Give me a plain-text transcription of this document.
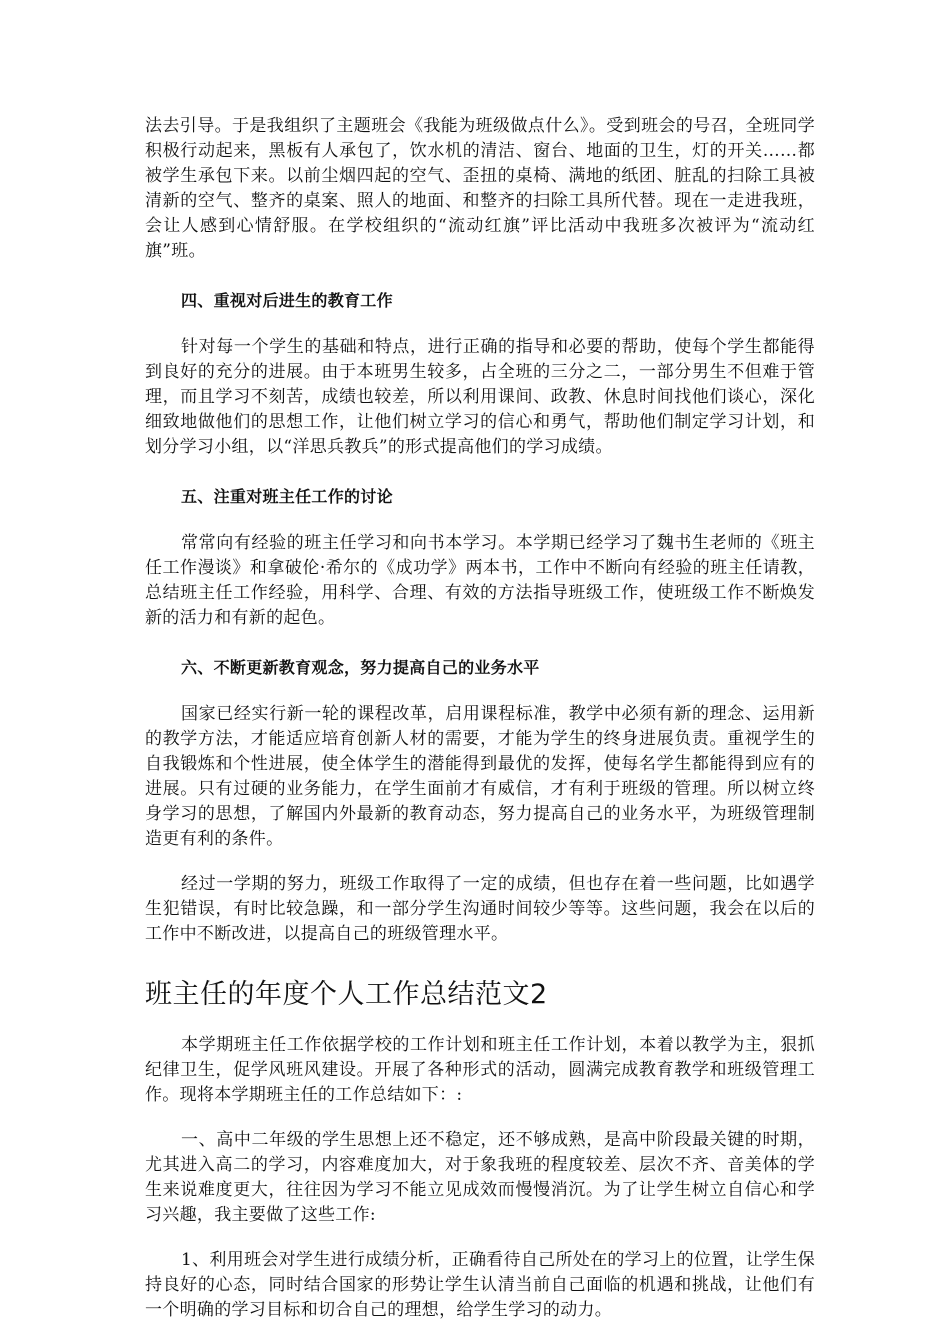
法去引导。于是我组织了主题班会《我能为班级做点什么》。受到班会的号召，全班同学积极行动起来，黑板有人承包了，饮水机的清洁、窗台、地面的卫生，灯的开关……都被学生承包下来。以前尘烟四起的空气、歪扭的桌椅、满地的纸团、脏乱的扫除工具被清新的空气、整齐的桌案、照人的地面、和整齐的扫除工具所代替。现在一走进我班，会让人感到心情舒服。在学校组织的“流动红旗”评比活动中我班多次被评为“流动红旗”班。

四、重视对后进生的教育工作

针对每一个学生的基础和特点，进行正确的指导和必要的帮助，使每个学生都能得到良好的充分的进展。由于本班男生较多，占全班的三分之二，一部分男生不但难于管理，而且学习不刻苦，成绩也较差，所以利用课间、政教、休息时间找他们谈心，深化细致地做他们的思想工作，让他们树立学习的信心和勇气，帮助他们制定学习计划，和划分学习小组，以“洋思兵教兵”的形式提高他们的学习成绩。

五、注重对班主任工作的讨论

常常向有经验的班主任学习和向书本学习。本学期已经学习了魏书生老师的《班主任工作漫谈》和拿破伦·希尔的《成功学》两本书，工作中不断向有经验的班主任请教，总结班主任工作经验，用科学、合理、有效的方法指导班级工作，使班级工作不断焕发新的活力和有新的起色。

六、不断更新教育观念，努力提高自己的业务水平

国家已经实行新一轮的课程改革，启用课程标准，教学中必须有新的理念、运用新的教学方法，才能适应培育创新人材的需要，才能为学生的终身进展负责。重视学生的自我锻炼和个性进展，使全体学生的潜能得到最优的发挥，使每名学生都能得到应有的进展。只有过硬的业务能力，在学生面前才有威信，才有利于班级的管理。所以树立终身学习的思想，了解国内外最新的教育动态，努力提高自己的业务水平，为班级管理制造更有利的条件。

经过一学期的努力，班级工作取得了一定的成绩，但也存在着一些问题，比如遇学生犯错误，有时比较急躁，和一部分学生沟通时间较少等等。这些问题，我会在以后的工作中不断改进，以提高自己的班级管理水平。

班主任的年度个人工作总结范文2

本学期班主任工作依据学校的工作计划和班主任工作计划，本着以教学为主，狠抓纪律卫生，促学风班风建设。开展了各种形式的活动，圆满完成教育教学和班级管理工作。现将本学期班主任的工作总结如下：:

一、高中二年级的学生思想上还不稳定，还不够成熟，是高中阶段最关键的时期，尤其进入高二的学习，内容难度加大，对于象我班的程度较差、层次不齐、音美体的学生来说难度更大，往往因为学习不能立见成效而慢慢消沉。为了让学生树立自信心和学习兴趣，我主要做了这些工作:

1、利用班会对学生进行成绩分析，正确看待自己所处在的学习上的位置，让学生保持良好的心态，同时结合国家的形势让学生认清当前自己面临的机遇和挑战，让他们有一个明确的学习目标和切合自己的理想，给学生学习的动力。
